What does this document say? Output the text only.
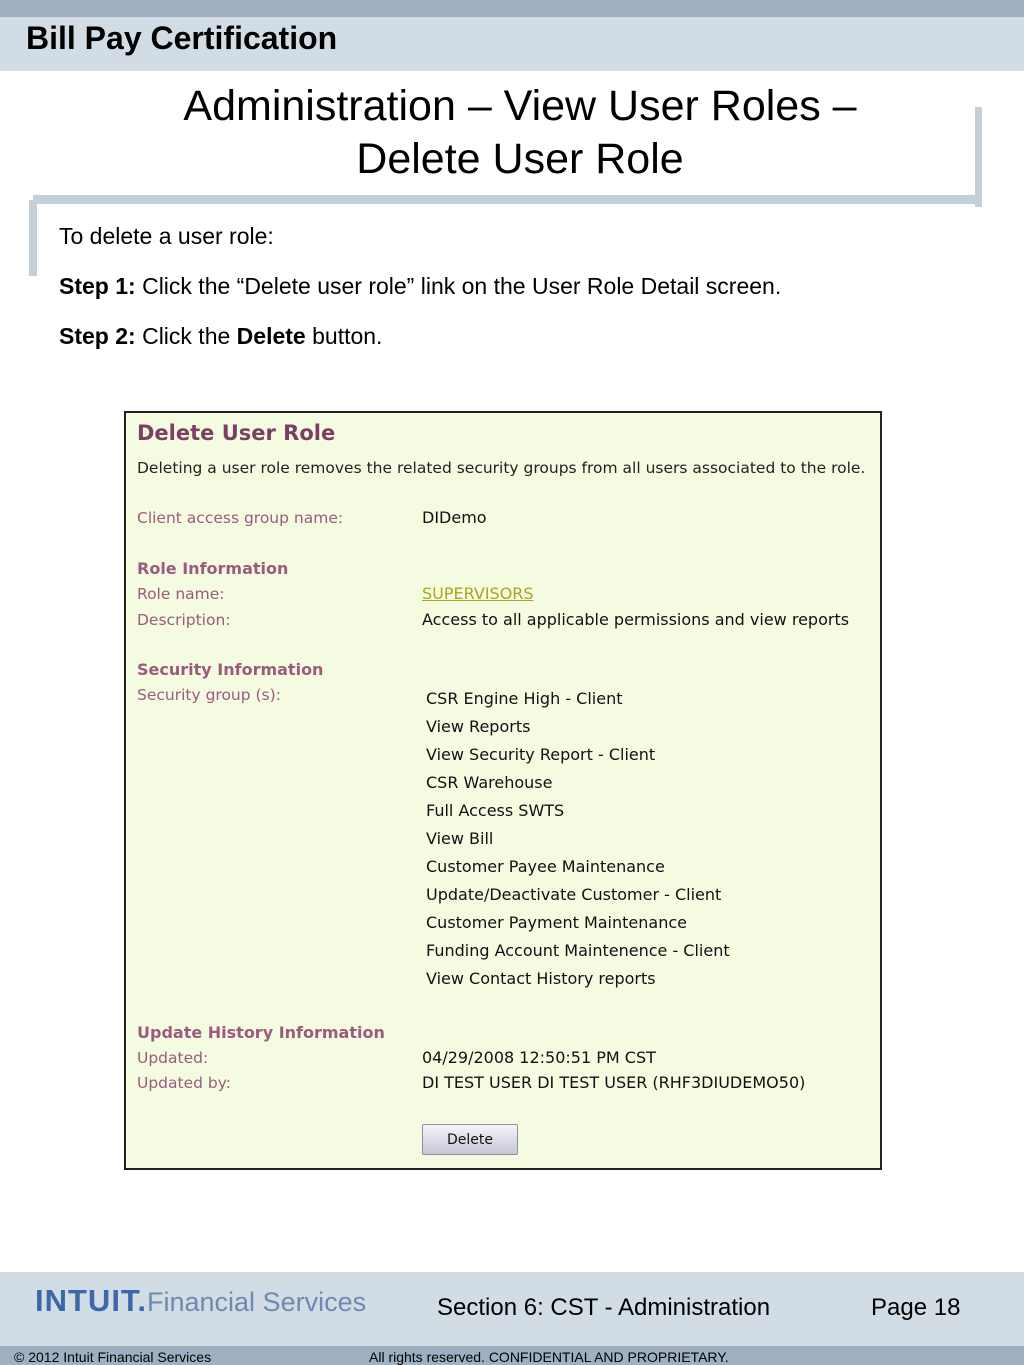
Bill Pay Certification
Administration – View User Roles –
Delete User Role
To delete a user role:
Step 1: Click the “Delete user role” link on the User Role Detail screen.
Step 2: Click the Delete button.
Delete User Role
Deleting a user role removes the related security groups from all users associated to the role.
Client access group name:	DIDemo
Role Information
Role name:	SUPERVISORS
Description:	Access to all applicable permissions and view reports
Security Information
Security group (s):	CSR Engine High - Client
View Reports
View Security Report - Client
CSR Warehouse
Full Access SWTS
View Bill
Customer Payee Maintenance
Update/Deactivate Customer - Client
Customer Payment Maintenance
Funding Account Maintenence - Client
View Contact History reports
Update History Information
Updated:	04/29/2008 12:50:51 PM CST
Updated by:	DI TEST USER DI TEST USER (RHF3DIUDEMO50)
Delete
INTUIT. Financial Services	Section 6: CST - Administration	Page 18
© 2012 Intuit Financial Services	All rights reserved. CONFIDENTIAL AND PROPRIETARY.
